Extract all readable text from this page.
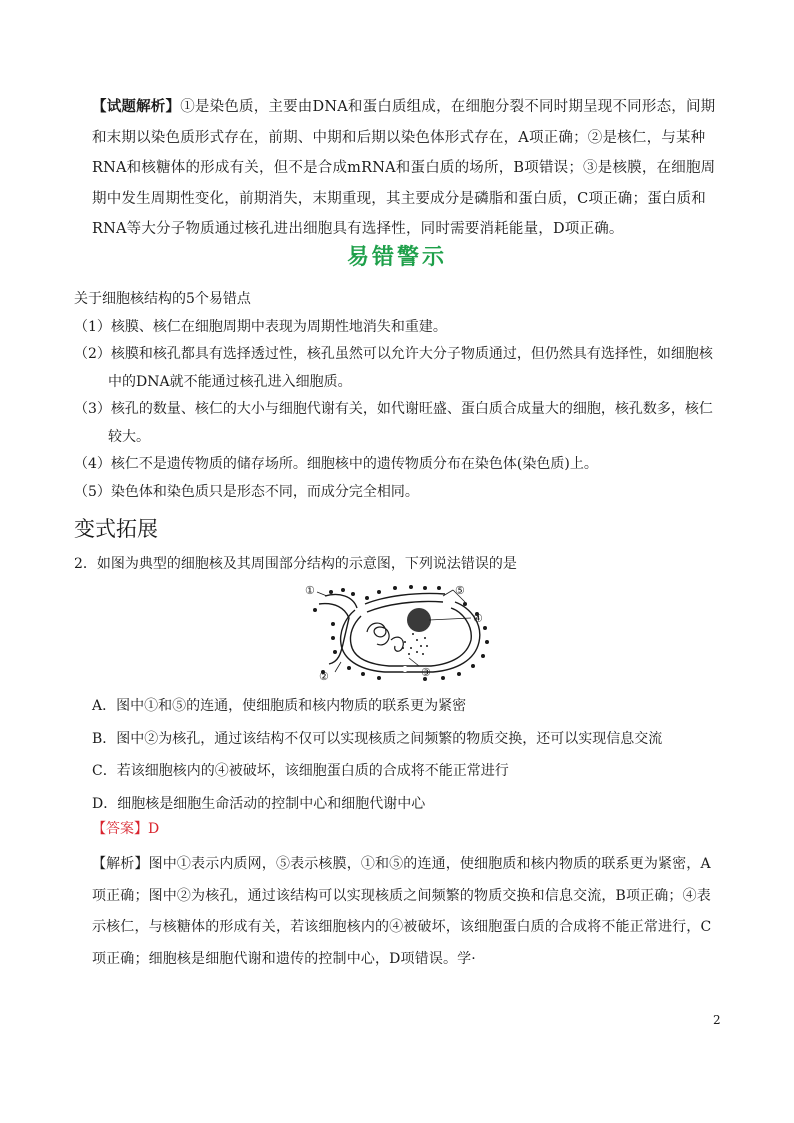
【试题解析】①是染色质，主要由DNA和蛋白质组成，在细胞分裂不同时期呈现不同形态，间期和末期以染色质形式存在，前期、中期和后期以染色体形式存在，A项正确；②是核仁，与某种RNA和核糖体的形成有关，但不是合成mRNA和蛋白质的场所，B项错误；③是核膜，在细胞周期中发生周期性变化，前期消失，末期重现，其主要成分是磷脂和蛋白质，C项正确；蛋白质和RNA等大分子物质通过核孔进出细胞具有选择性，同时需要消耗能量，D项正确。
易错警示

关于细胞核结构的5个易错点

（1）核膜、核仁在细胞周期中表现为周期性地消失和重建。

（2）核膜和核孔都具有选择透过性，核孔虽然可以允许大分子物质通过，但仍然具有选择性，如细胞核中的DNA就不能通过核孔进入细胞质。

（3）核孔的数量、核仁的大小与细胞代谢有关，如代谢旺盛、蛋白质合成量大的细胞，核孔数多，核仁较大。

（4）核仁不是遗传物质的储存场所。细胞核中的遗传物质分布在染色体(染色质)上。

（5）染色体和染色质只是形态不同，而成分完全相同。

变式拓展
2．如图为典型的细胞核及其周围部分结构的示意图，下列说法错误的是
①	⑤
④
③
②
A．图中①和⑤的连通，使细胞质和核内物质的联系更为紧密
B．图中②为核孔，通过该结构不仅可以实现核质之间频繁的物质交换，还可以实现信息交流
C．若该细胞核内的④被破坏，该细胞蛋白质的合成将不能正常进行
D．细胞核是细胞生命活动的控制中心和细胞代谢中心
【答案】D
【解析】图中①表示内质网，⑤表示核膜，①和⑤的连通，使细胞质和核内物质的联系更为紧密，A项正确；图中②为核孔，通过该结构可以实现核质之间频繁的物质交换和信息交流，B项正确；④表示核仁，与核糖体的形成有关，若该细胞核内的④被破坏，该细胞蛋白质的合成将不能正常进行，C项正确；细胞核是细胞代谢和遗传的控制中心，D项错误。学·
2
